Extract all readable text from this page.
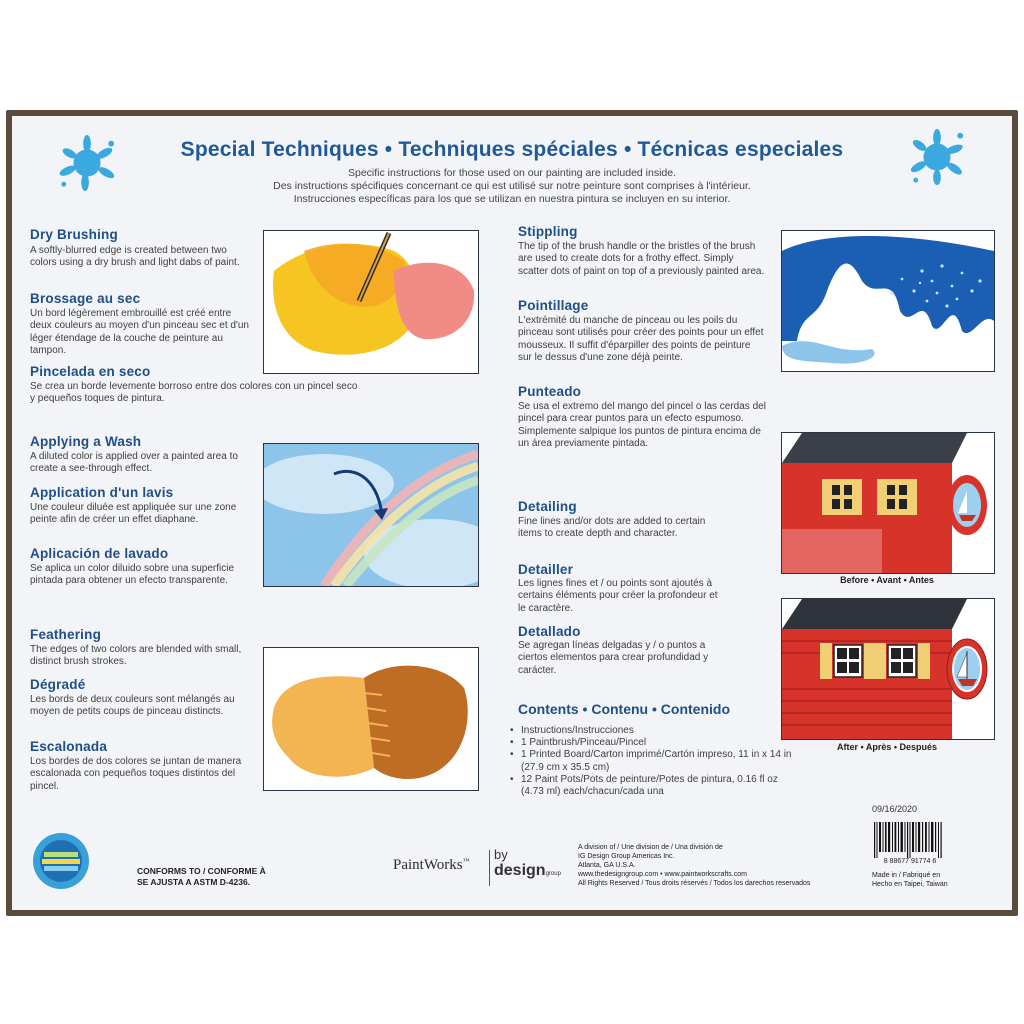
Special Techniques • Techniques spéciales • Técnicas especiales
Specific instructions for those used on our painting are included inside.
Des instructions spécifiques concernant ce qui est utilisé sur notre peinture sont comprises à l'intérieur.
Instrucciones específicas para los que se utilizan en nuestra pintura se incluyen en su interior.
Dry Brushing
A softly-blurred edge is created between two colors using a dry brush and light dabs of paint.
Brossage au sec
Un bord légèrement embrouillé est créé entre deux couleurs au moyen d'un pinceau sec et d'un léger étendage de la couche de peinture au tampon.
Pincelada en seco
Se crea un borde levemente borroso entre dos colores con un pincel seco y pequeños toques de pintura.
Applying a Wash
A diluted color is applied over a painted area to create a see-through effect.
Application d'un lavis
Une couleur diluée est appliquée sur une zone peinte afin de créer un effet diaphane.
Aplicación de lavado
Se aplica un color diluido sobre una superficie pintada para obtener un efecto transparente.
Feathering
The edges of two colors are blended with small, distinct brush strokes.
Dégradé
Les bords de deux couleurs sont mélangés au moyen de petits coups de pinceau distincts.
Escalonada
Los bordes de dos colores se juntan de manera escalonada con pequeños toques distintos del pincel.
Stippling
The tip of the brush handle or the bristles of the brush are used to create dots for a frothy effect. Simply scatter dots of paint on top of a previously painted area.
Pointillage
L'extrémité du manche de pinceau ou les poils du pinceau sont utilisés pour créer des points pour un effet mousseux. Il suffit d'éparpiller des points de peinture sur le dessus d'une zone déjà peinte.
Punteado
Se usa el extremo del mango del pincel o las cerdas del pincel para crear puntos para un efecto espumoso. Simplemente salpique los puntos de pintura encima de un área previamente pintada.
Detailing
Fine lines and/or dots are added to certain items to create depth and character.
Detailler
Les lignes fines et / ou points sont ajoutés à certains éléments pour créer la profondeur et le caractère.
Detallado
Se agregan líneas delgadas y / o puntos a ciertos elementos para crear profundidad y carácter.
Before • Avant • Antes
After • Après • Después
Contents • Contenu • Contenido
• Instructions/Instrucciones
• 1 Paintbrush/Pinceau/Pincel
• 1 Printed Board/Carton imprimé/Cartón impreso, 11 in x 14 in (27.9 cm x 35.5 cm)
• 12 Paint Pots/Pots de peinture/Potes de pintura, 0.16 fl oz (4.73 ml) each/chacun/cada una
09/16/2020
CONFORMS TO / CONFORME À
SE AJUSTA A ASTM D-4236.
PaintWorks™ by
designgroup
A division of / Une division de / Una división de
IG Design Group Americas Inc.
Atlanta, GA U.S.A.
www.thedesigngroup.com • www.paintworkscrafts.com
All Rights Reserved / Tous droits réservés / Todos los darechos reservados
8 88677 91774 6
Made in / Fabriqué en
Hecho en Taipei, Taiwan
